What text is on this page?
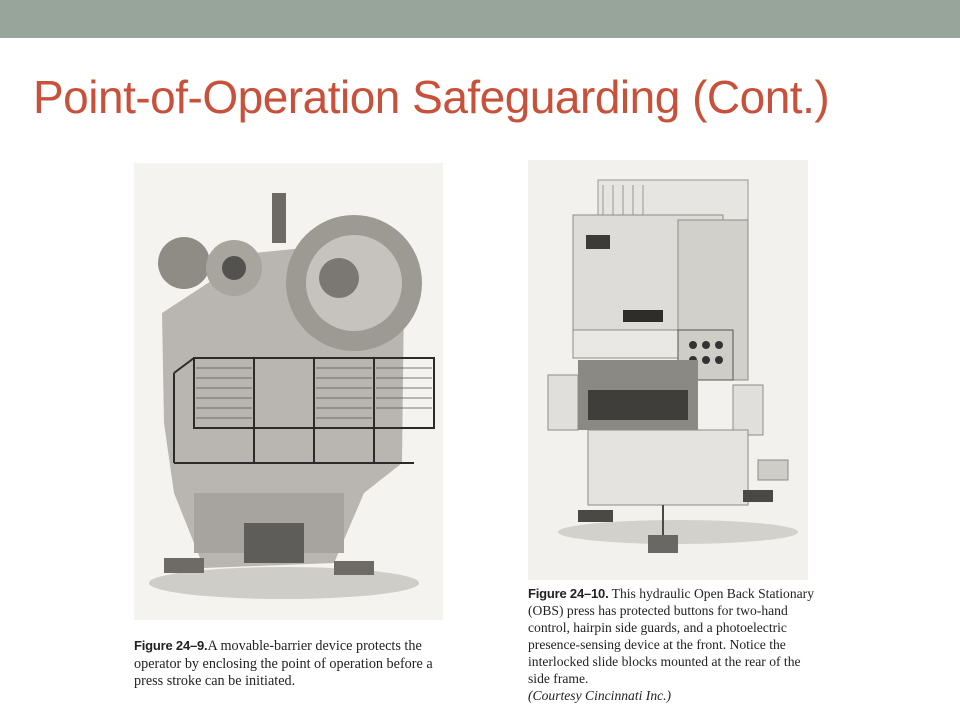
Point-of-Operation Safeguarding (Cont.)
Figure 24–9.A movable-barrier device protects the operator by enclosing the point of operation before a press stroke can be initiated.
Figure 24–10. This hydraulic Open Back Stationary (OBS) press has protected buttons for two-hand control, hairpin side guards, and a photoelectric presence-sensing device at the front. Notice the interlocked slide blocks mounted at the rear of the side frame.
(Courtesy Cincinnati Inc.)
